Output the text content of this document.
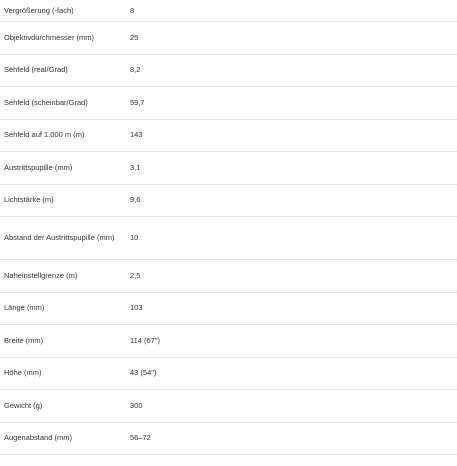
Vergrößerung (-fach)	8
Objektivdurchmesser (mm)	25
Sehfeld (real/Grad)	8,2
Sehfeld (scheinbar/Grad)	59,7
Sehfeld auf 1.000 m (m)	143
Austrittspupille (mm)	3,1
Lichtstärke (m)	9,6
Abstand der Austrittspupille (mm)	10
Naheinstellgrenze (m)	2,5
Länge (mm)	103
Breite (mm)	114 (67")
Höhe (mm)	43 (54")
Gewicht (g)	300
Augenabstand (mm)	56–72
